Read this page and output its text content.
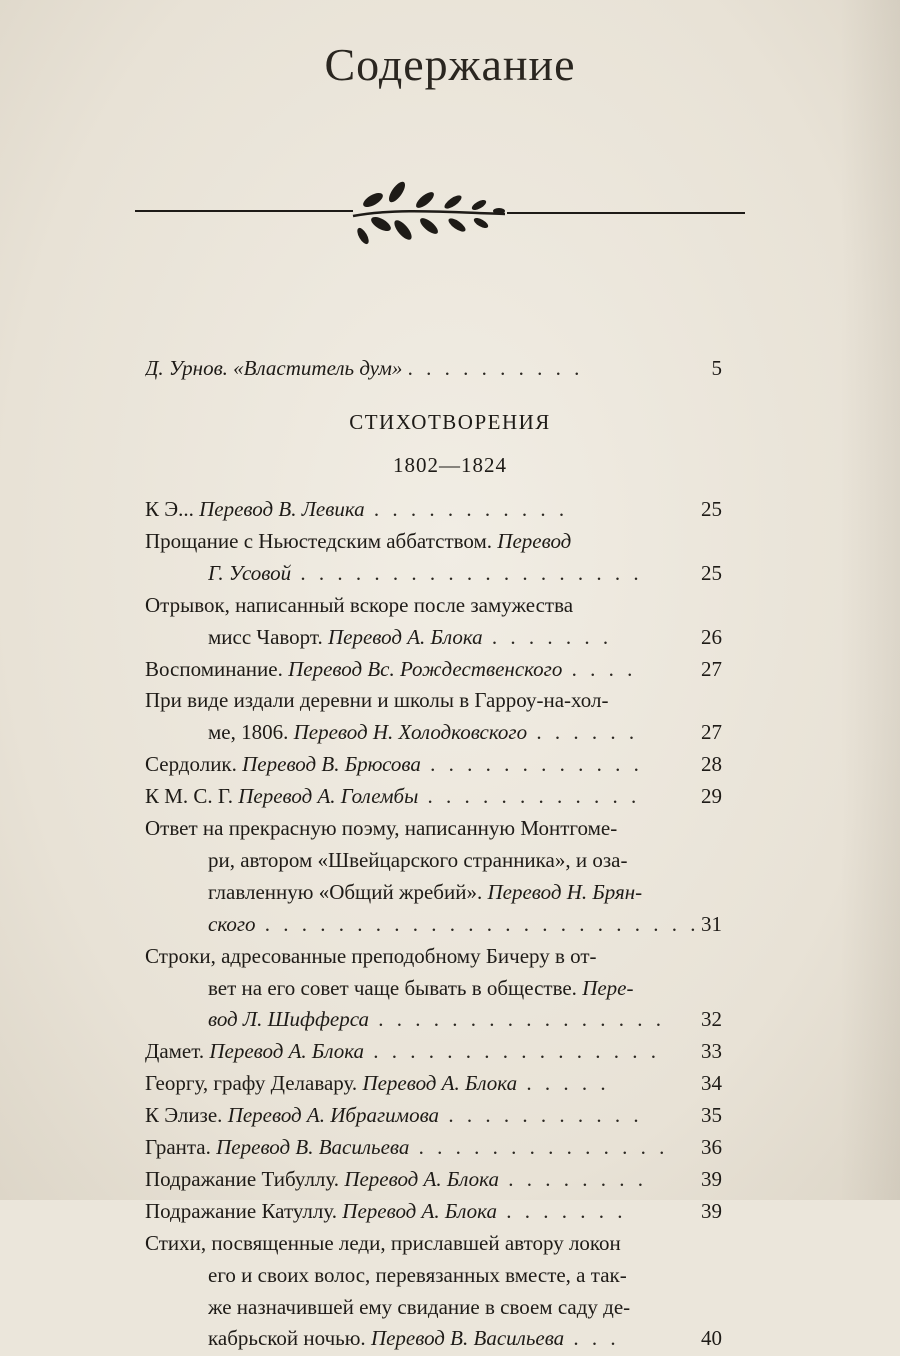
Содержание
Д. Урнов. «Властитель дум» . . . . . . . . . .	5
СТИХОТВОРЕНИЯ
1802—1824
К Э... Перевод В. Левика . . . . . . . . . . .	25
Прощание с Ньюстедским аббатством. Перевод
Г. Усовой . . . . . . . . . . . . . . . . . . .	25
Отрывок, написанный вскоре после замужества
мисс Чаворт. Перевод А. Блока . . . . . . .	26
Воспоминание. Перевод Вс. Рождественского . . . .	27
При виде издали деревни и школы в Гарроу-на-хол-
ме, 1806. Перевод Н. Холодковского . . . . . .	27
Сердолик. Перевод В. Брюсова . . . . . . . . . . . .	28
К М. С. Г. Перевод А. Голембы . . . . . . . . . . . .	29
Ответ на прекрасную поэму, написанную Монтгоме-
ри, автором «Швейцарского странника», и оза-
главленную «Общий жребий». Перевод Н. Брян-
ского . . . . . . . . . . . . . . . . . . . . . . . . 31
Строки, адресованные преподобному Бичеру в от-
вет на его совет чаще бывать в обществе. Пере-
вод Л. Шифферса . . . . . . . . . . . . . . . .	32
Дамет. Перевод А. Блока . . . . . . . . . . . . . . . .	33
Георгу, графу Делавару. Перевод А. Блока . . . . .	34
К Элизе. Перевод А. Ибрагимова . . . . . . . . . . .	35
Гранта. Перевод В. Васильева . . . . . . . . . . . . . .	36
Подражание Тибуллу. Перевод А. Блока . . . . . . . .	39
Подражание Катуллу. Перевод А. Блока . . . . . . .	39
Стихи, посвященные леди, приславшей автору локон
его и своих волос, перевязанных вместе, а так-
же назначившей ему свидание в своем саду де-
кабрьской ночью. Перевод В. Васильева . . .	40
